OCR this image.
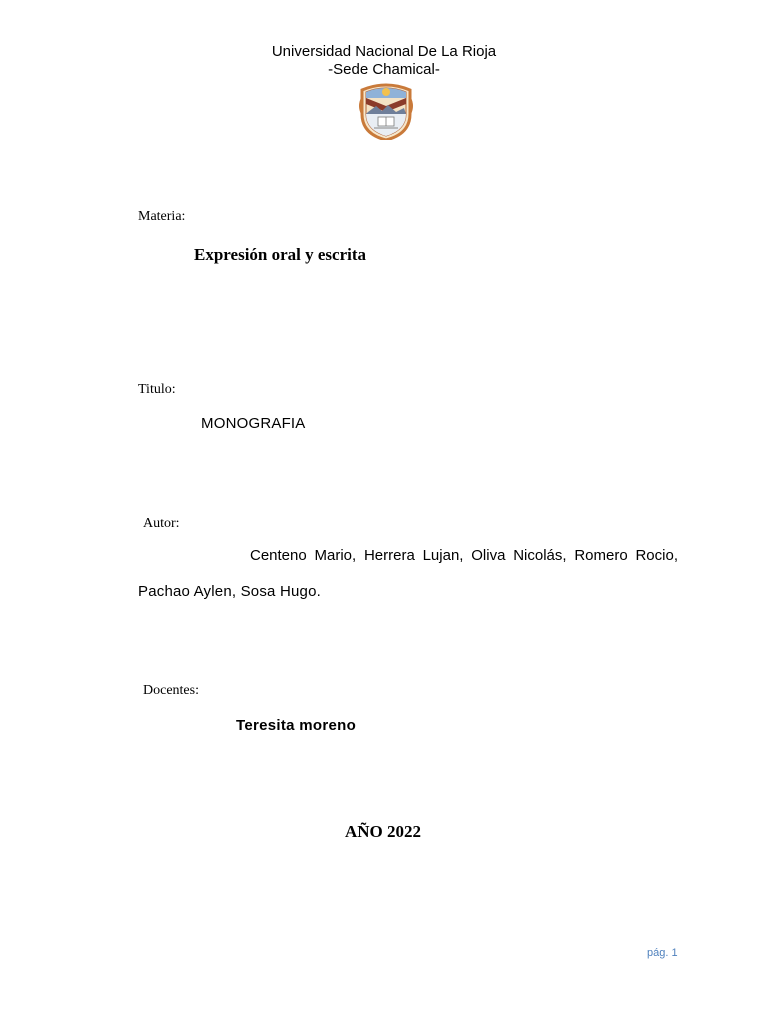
Universidad Nacional De La Rioja
-Sede Chamical-
Materia:
Expresión oral y escrita
Titulo:
MONOGRAFIA
Autor:
Centeno Mario, Herrera Lujan, Oliva Nicolás, Romero Rocio,
Pachao Aylen, Sosa Hugo.
Docentes:
Teresita moreno
AÑO 2022
pág. 1
